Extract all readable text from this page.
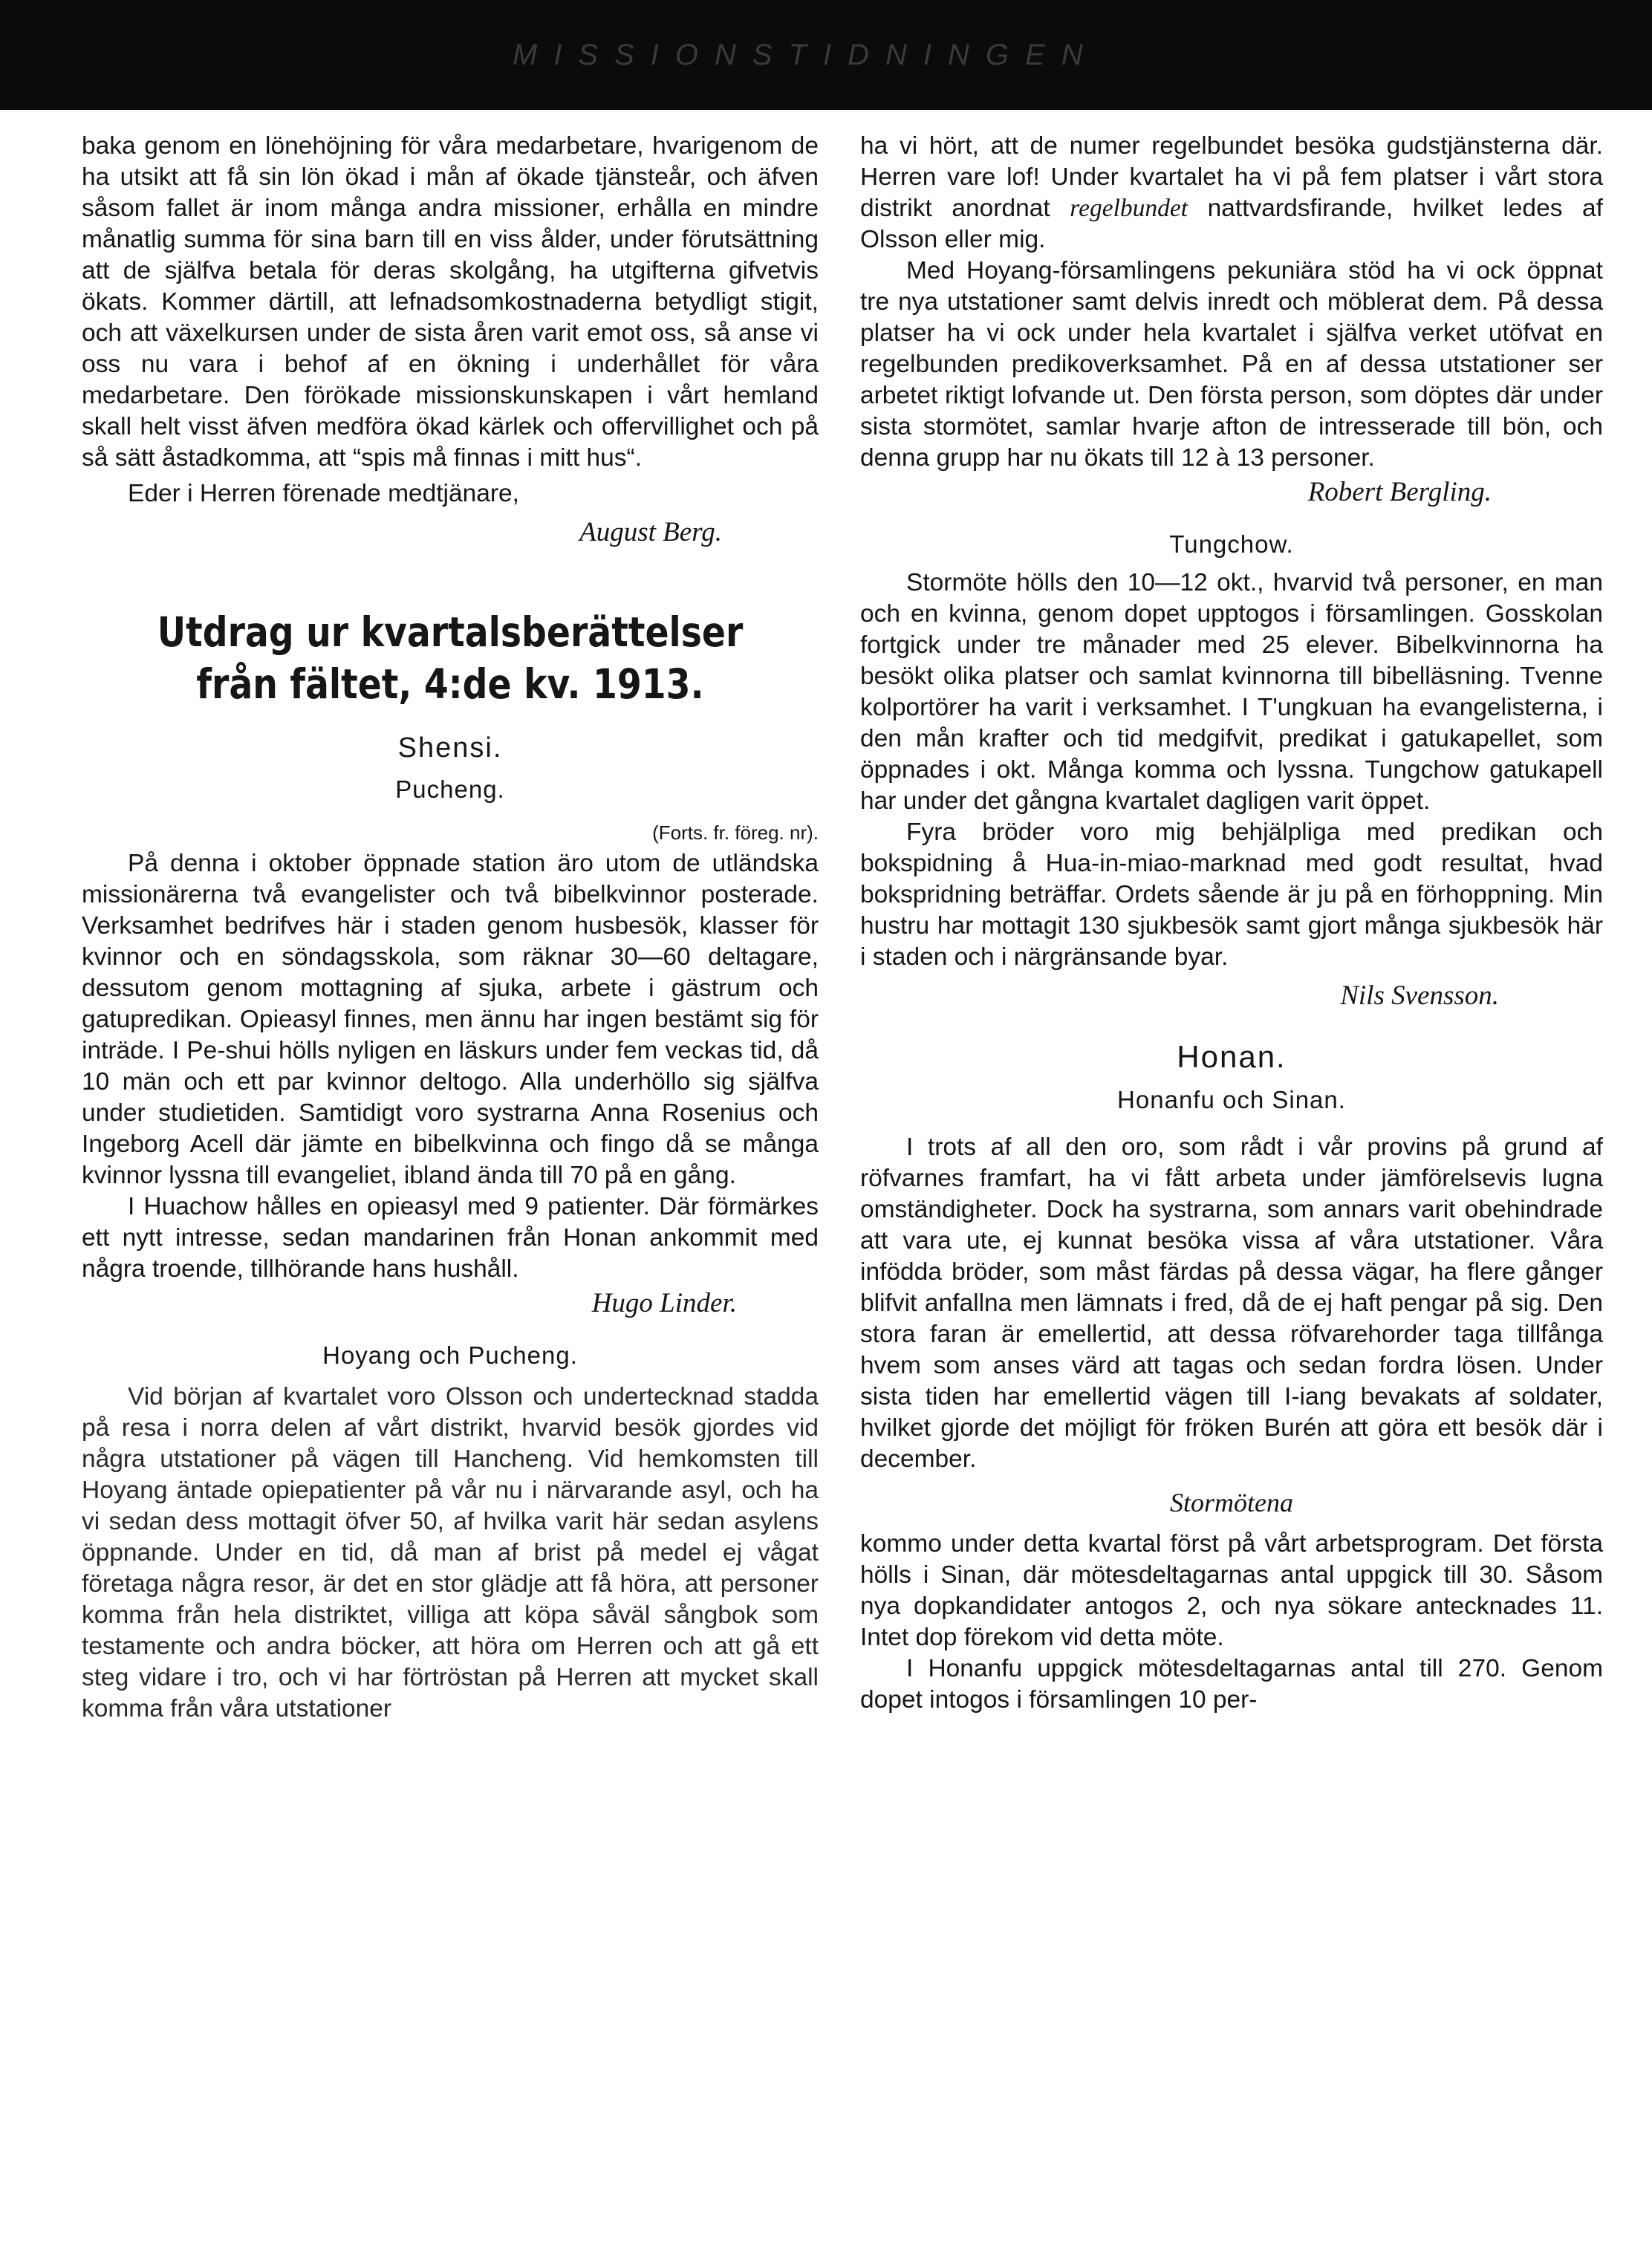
MISSIONSTIDNINGEN

baka genom en lönehöjning för våra medarbetare, hvarigenom de ha utsikt att få sin lön ökad i mån af ökade tjänsteår, och äfven såsom fallet är inom många andra missioner, erhålla en mindre månatlig summa för sina barn till en viss ålder, under förutsättning att de själfva betala för deras skolgång, ha utgifterna gifvetvis ökats. Kommer därtill, att lefnadsomkostnaderna betydligt stigit, och att växelkursen under de sista åren varit emot oss, så anse vi oss nu vara i behof af en ökning i underhållet för våra medarbetare. Den förökade missionskunskapen i vårt hemland skall helt visst äfven medföra ökad kärlek och offervillighet och på så sätt åstadkomma, att “spis må finnas i mitt hus“.

Eder i Herren förenade medtjänare,

August Berg.

Utdrag ur kvartalsberättelser från fältet, 4:de kv. 1913.

Shensi.

Pucheng.

(Forts. fr. föreg. nr).

På denna i oktober öppnade station äro utom de utländska missionärerna två evangelister och två bibelkvinnor posterade. Verksamhet bedrifves här i staden genom husbesök, klasser för kvinnor och en söndagsskola, som räknar 30—60 deltagare, dessutom genom mottagning af sjuka, arbete i gästrum och gatupredikan. Opieasyl finnes, men ännu har ingen bestämt sig för inträde. I Pe-shui hölls nyligen en läskurs under fem veckas tid, då 10 män och ett par kvinnor deltogo. Alla underhöllo sig själfva under studietiden. Samtidigt voro systrarna Anna Rosenius och Ingeborg Acell där jämte en bibelkvinna och fingo då se många kvinnor lyssna till evangeliet, ibland ända till 70 på en gång.

I Huachow hålles en opieasyl med 9 patienter. Där förmärkes ett nytt intresse, sedan mandarinen från Honan ankommit med några troende, tillhörande hans hushåll.

Hugo Linder.

Hoyang och Pucheng.

Vid början af kvartalet voro Olsson och undertecknad stadda på resa i norra delen af vårt distrikt, hvarvid besök gjordes vid några utstationer på vägen till Hancheng. Vid hemkomsten till Hoyang äntade opiepatienter på vår nu i närvarande asyl, och ha vi sedan dess mottagit öfver 50, af hvilka varit här sedan asylens öppnande. Under en tid, då man af brist på medel ej vågat företaga några resor, är det en stor glädje att få höra, att personer komma från hela distriktet, villiga att köpa såväl sångbok som testamente och andra böcker, att höra om Herren och att gå ett steg vidare i tro, och vi har förtröstan på Herren att mycket skall komma från våra utstationer

ha vi hört, att de numer regelbundet besöka gudstjänsterna där. Herren vare lof! Under kvartalet ha vi på fem platser i vårt stora distrikt anordnat regelbundet nattvardsfirande, hvilket ledes af Olsson eller mig.

Med Hoyang-församlingens pekuniära stöd ha vi ock öppnat tre nya utstationer samt delvis inredt och möblerat dem. På dessa platser ha vi ock under hela kvartalet i själfva verket utöfvat en regelbunden predikoverksamhet. På en af dessa utstationer ser arbetet riktigt lofvande ut. Den första person, som döptes där under sista stormötet, samlar hvarje afton de intresserade till bön, och denna grupp har nu ökats till 12 à 13 personer.

Robert Bergling.

Tungchow.

Stormöte hölls den 10—12 okt., hvarvid två personer, en man och en kvinna, genom dopet upptogos i församlingen. Gosskolan fortgick under tre månader med 25 elever. Bibelkvinnorna ha besökt olika platser och samlat kvinnorna till bibelläsning. Tvenne kolportörer ha varit i verksamhet. I T'ungkuan ha evangelisterna, i den mån krafter och tid medgifvit, predikat i gatukapellet, som öppnades i okt. Många komma och lyssna. Tungchow gatukapell har under det gångna kvartalet dagligen varit öppet.

Fyra bröder voro mig behjälpliga med predikan och bokspidning å Hua-in-miao-marknad med godt resultat, hvad bokspridning beträffar. Ordets sående är ju på en förhoppning. Min hustru har mottagit 130 sjukbesök samt gjort många sjukbesök här i staden och i närgränsande byar.

Nils Svensson.

Honan.

Honanfu och Sinan.

I trots af all den oro, som rådt i vår provins på grund af röfvarnes framfart, ha vi fått arbeta under jämförelsevis lugna omständigheter. Dock ha systrarna, som annars varit obehindrade att vara ute, ej kunnat besöka vissa af våra utstationer. Våra infödda bröder, som måst färdas på dessa vägar, ha flere gånger blifvit anfallna men lämnats i fred, då de ej haft pengar på sig. Den stora faran är emellertid, att dessa röfvarehorder taga tillfånga hvem som anses värd att tagas och sedan fordra lösen. Under sista tiden har emellertid vägen till I-iang bevakats af soldater, hvilket gjorde det möjligt för fröken Burén att göra ett besök där i december.

Stormötena

kommo under detta kvartal först på vårt arbetsprogram. Det första hölls i Sinan, där mötesdeltagarnas antal uppgick till 30. Såsom nya dopkandidater antogos 2, och nya sökare antecknades 11. Intet dop förekom vid detta möte.

I Honanfu uppgick mötesdeltagarnas antal till 270. Genom dopet intogos i församlingen 10 per-
